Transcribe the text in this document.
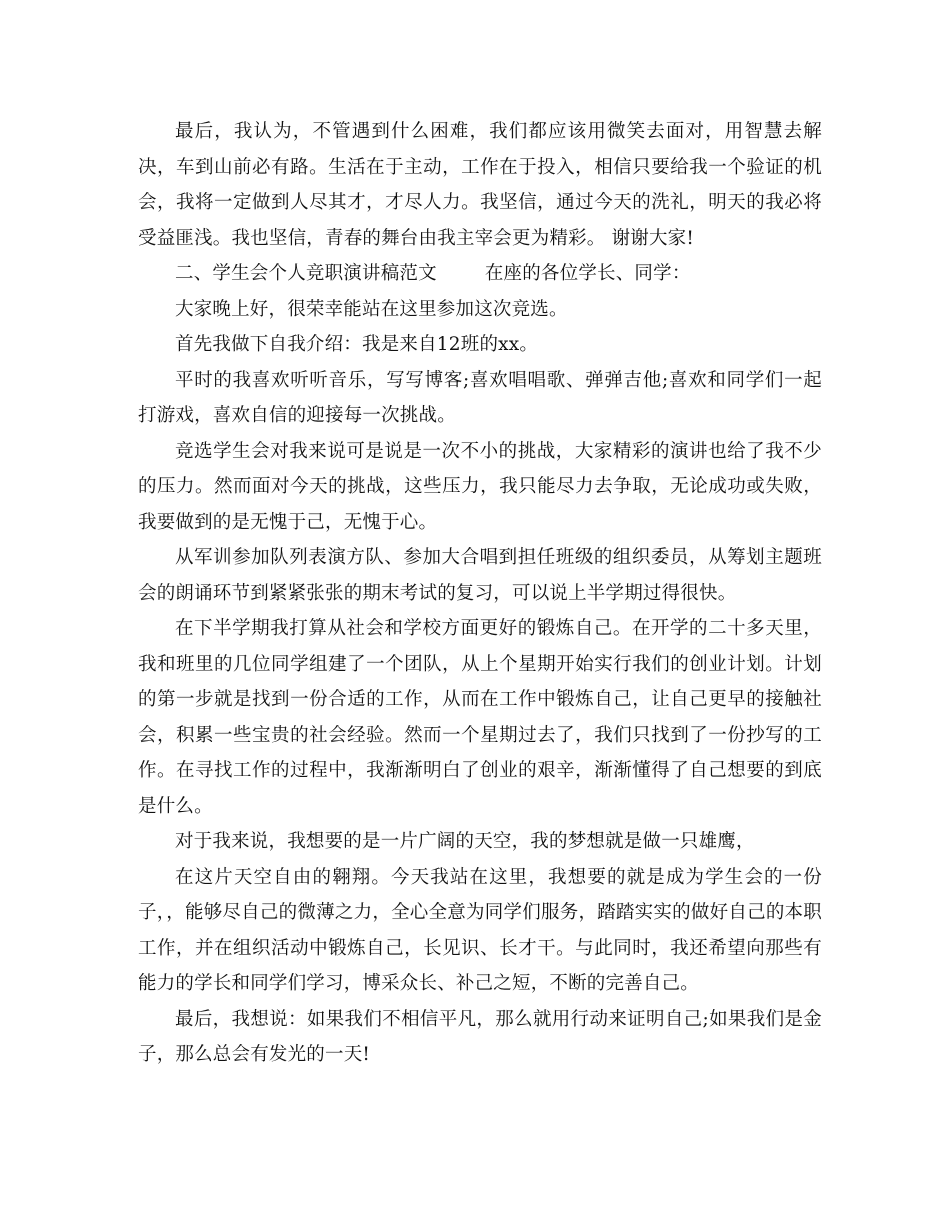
最后，我认为，不管遇到什么困难，我们都应该用微笑去面对，用智慧去解决，车到山前必有路。生活在于主动，工作在于投入，相信只要给我一个验证的机会，我将一定做到人尽其才，才尽人力。我坚信，通过今天的洗礼，明天的我必将受益匪浅。我也坚信，青春的舞台由我主宰会更为精彩。 谢谢大家!

二、学生会个人竞职演讲稿范文	在座的各位学长、同学：

大家晚上好，很荣幸能站在这里参加这次竞选。

首先我做下自我介绍：我是来自12班的xx。

平时的我喜欢听听音乐，写写博客;喜欢唱唱歌、弹弹吉他;喜欢和同学们一起打游戏，喜欢自信的迎接每一次挑战。

竞选学生会对我来说可是说是一次不小的挑战，大家精彩的演讲也给了我不少的压力。然而面对今天的挑战，这些压力，我只能尽力去争取，无论成功或失败，我要做到的是无愧于己，无愧于心。

从军训参加队列表演方队、参加大合唱到担任班级的组织委员，从筹划主题班会的朗诵环节到紧紧张张的期末考试的复习，可以说上半学期过得很快。

在下半学期我打算从社会和学校方面更好的锻炼自己。在开学的二十多天里，我和班里的几位同学组建了一个团队，从上个星期开始实行我们的创业计划。计划的第一步就是找到一份合适的工作，从而在工作中锻炼自己，让自己更早的接触社会，积累一些宝贵的社会经验。然而一个星期过去了，我们只找到了一份抄写的工作。在寻找工作的过程中，我渐渐明白了创业的艰辛，渐渐懂得了自己想要的到底是什么。

对于我来说，我想要的是一片广阔的天空，我的梦想就是做一只雄鹰，

在这片天空自由的翱翔。今天我站在这里，我想要的就是成为学生会的一份子，，能够尽自己的微薄之力，全心全意为同学们服务，踏踏实实的做好自己的本职工作，并在组织活动中锻炼自己，长见识、长才干。与此同时，我还希望向那些有能力的学长和同学们学习，博采众长、补己之短，不断的完善自己。

最后，我想说：如果我们不相信平凡，那么就用行动来证明自己;如果我们是金子，那么总会有发光的一天!
